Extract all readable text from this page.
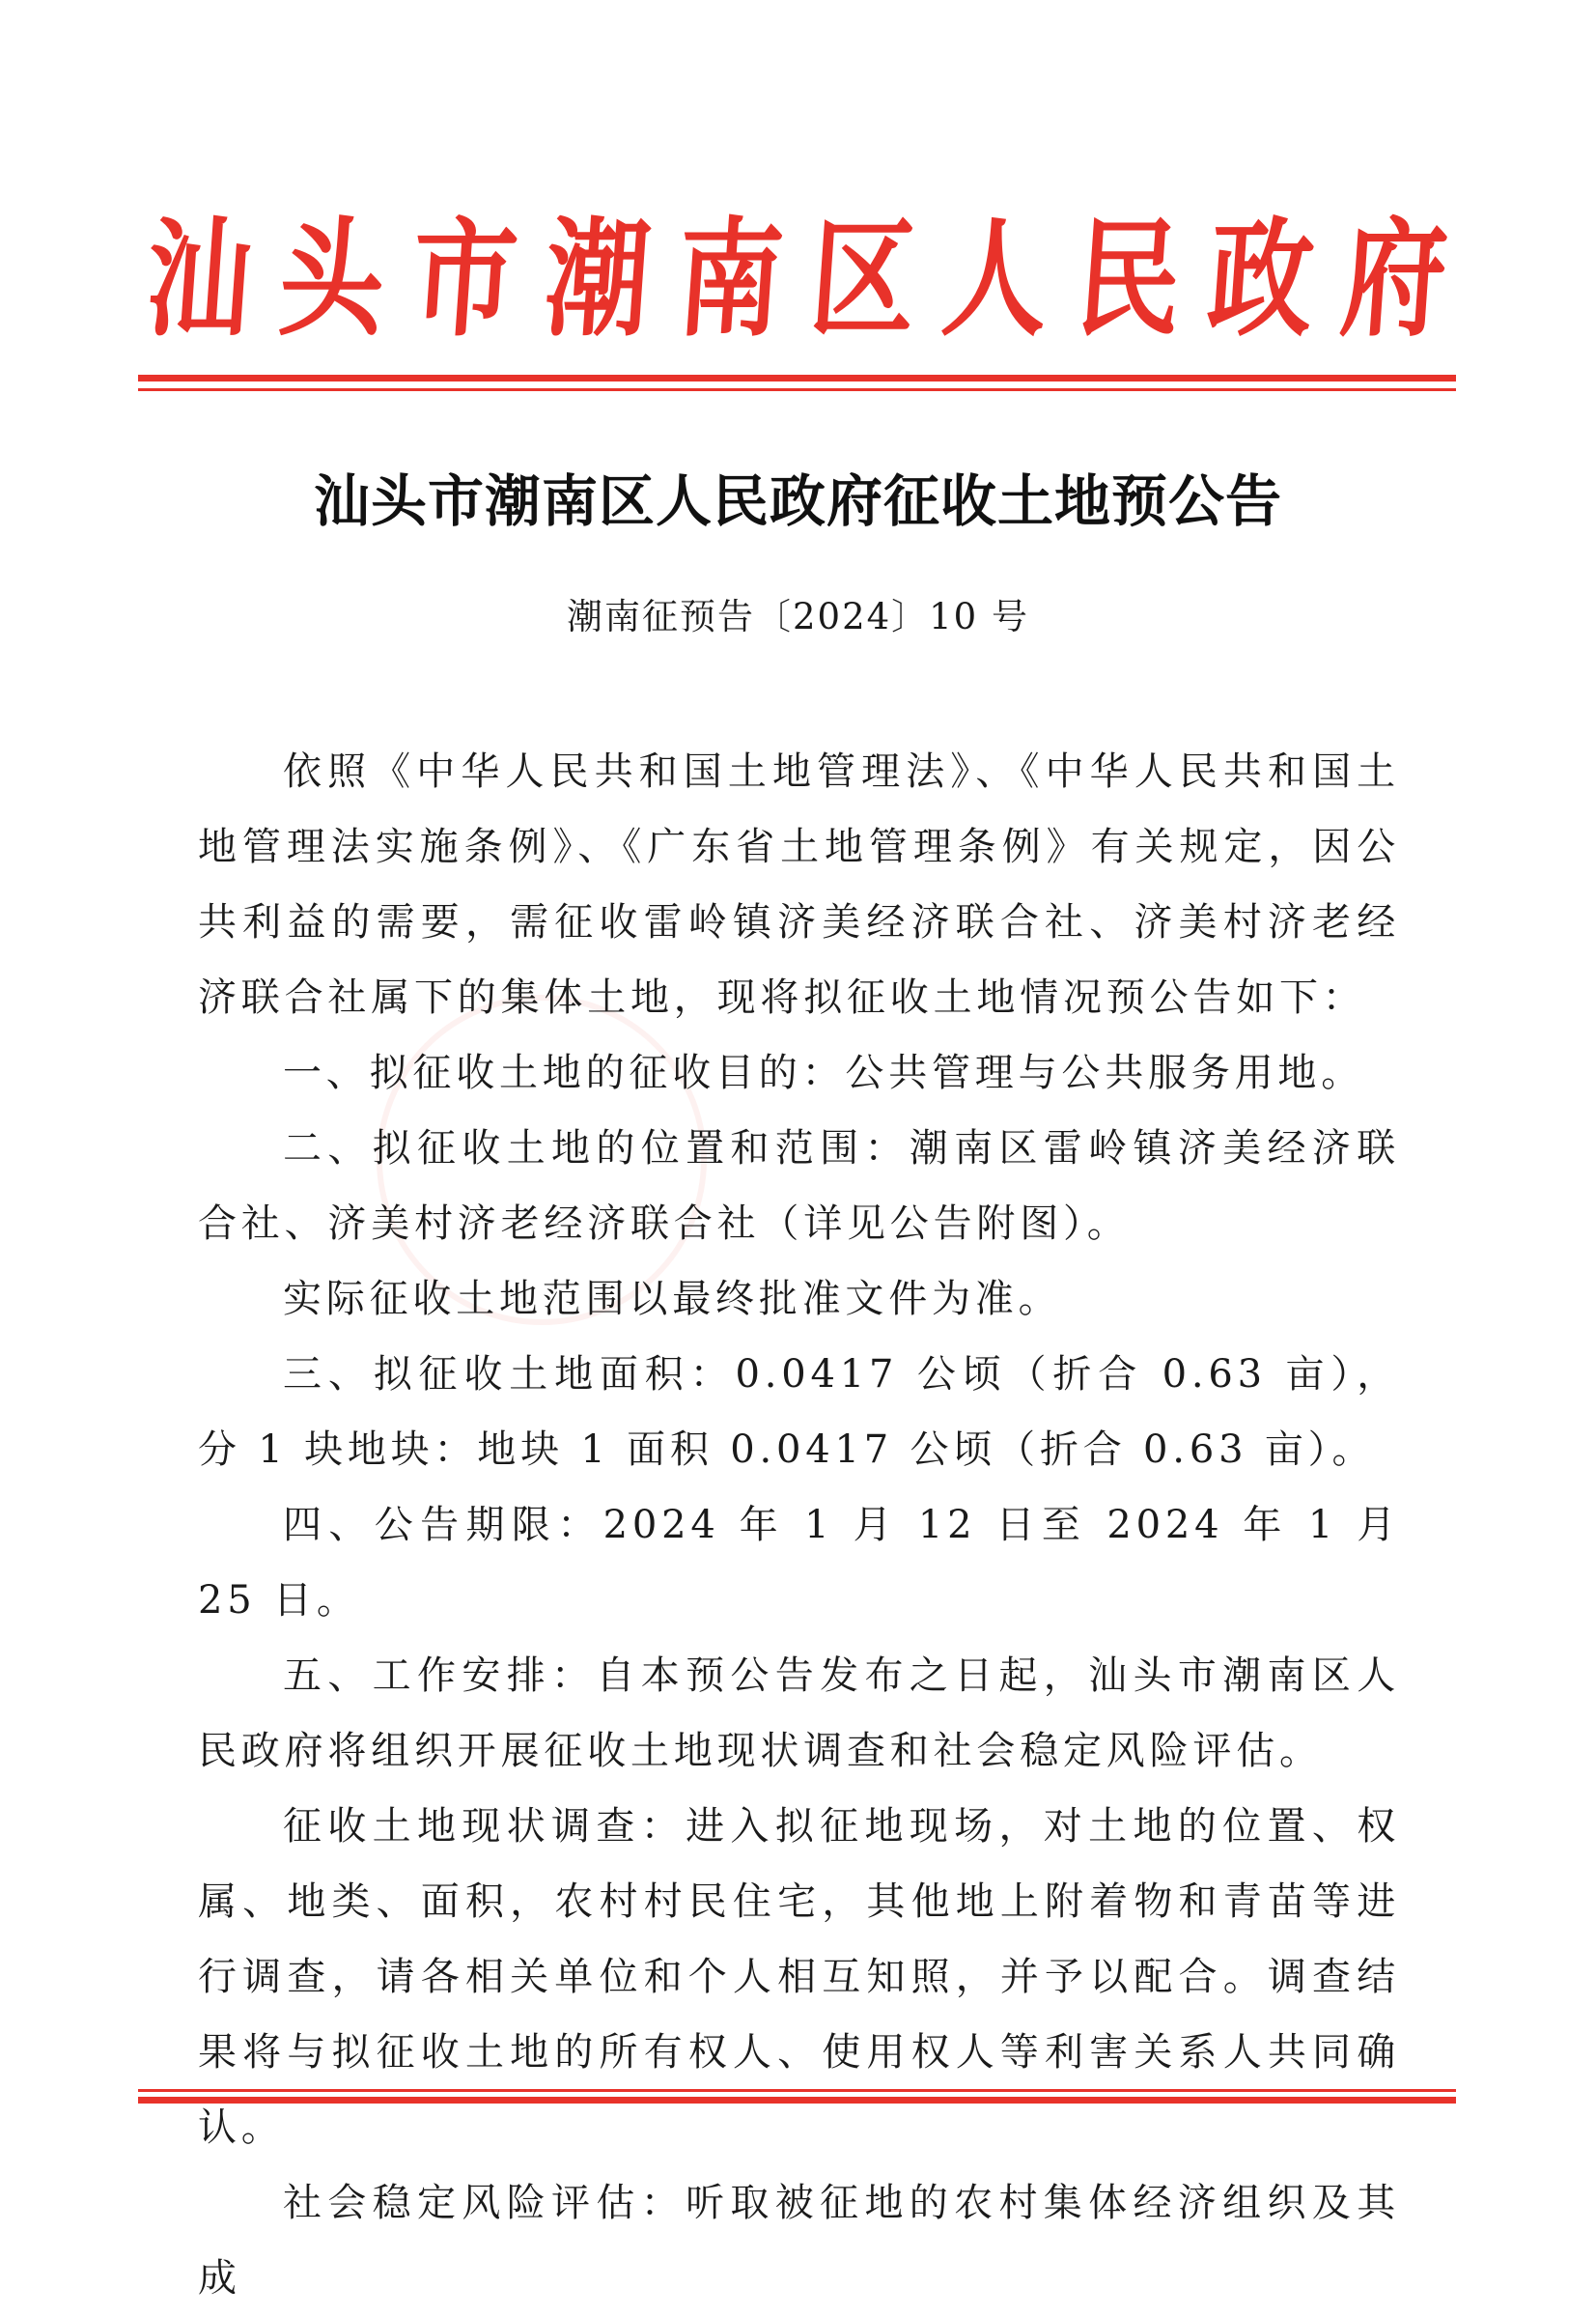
汕 头 市 潮 南 区 人 民 政 府
汕头市潮南区人民政府征收土地预公告
潮南征预告〔2024〕10 号

依照《中华人民共和国土地管理法》、《中华人民共和国土地管理法实施条例》、《广东省土地管理条例》有关规定，因公共利益的需要，需征收雷岭镇济美经济联合社、济美村济老经济联合社属下的集体土地，现将拟征收土地情况预公告如下：

一、拟征收土地的征收目的：公共管理与公共服务用地。

二、拟征收土地的位置和范围：潮南区雷岭镇济美经济联合社、济美村济老经济联合社（详见公告附图）。

实际征收土地范围以最终批准文件为准。

三、拟征收土地面积：0.0417 公顷（折合 0.63 亩），分 1 块地块：地块 1 面积 0.0417 公顷（折合 0.63 亩）。

四、公告期限：2024 年 1 月 12 日至 2024 年 1 月 25 日。

五、工作安排：自本预公告发布之日起，汕头市潮南区人民政府将组织开展征收土地现状调查和社会稳定风险评估。

征收土地现状调查：进入拟征地现场，对土地的位置、权属、地类、面积，农村村民住宅，其他地上附着物和青苗等进行调查，请各相关单位和个人相互知照，并予以配合。调查结果将与拟征收土地的所有权人、使用权人等利害关系人共同确认。

社会稳定风险评估：听取被征地的农村集体经济组织及其成
